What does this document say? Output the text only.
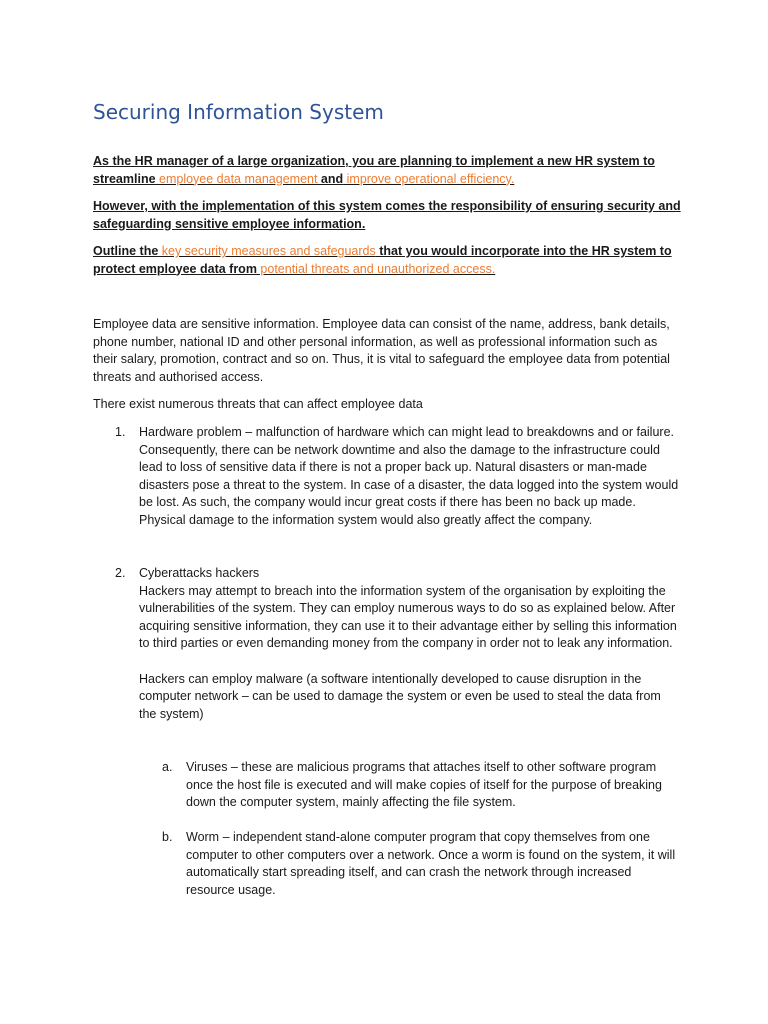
Securing Information System

As the HR manager of a large organization, you are planning to implement a new HR system to streamline employee data management and improve operational efficiency.

However, with the implementation of this system comes the responsibility of ensuring security and safeguarding sensitive employee information.

Outline the key security measures and safeguards that you would incorporate into the HR system to protect employee data from potential threats and unauthorized access.

Employee data are sensitive information. Employee data can consist of the name, address, bank details, phone number, national ID and other personal information, as well as professional information such as their salary, promotion, contract and so on. Thus, it is vital to safeguard the employee data from potential threats and authorised access.

There exist numerous threats that can affect employee data

1.	Hardware problem – malfunction of hardware which can might lead to breakdowns and or failure. Consequently, there can be network downtime and also the damage to the infrastructure could lead to loss of sensitive data if there is not a proper back up. Natural disasters or man-made disasters pose a threat to the system. In case of a disaster, the data logged into the system would be lost. As such, the company would incur great costs if there has been no back up made. Physical damage to the information system would also greatly affect the company.

2.	Cyberattacks hackers

Hackers may attempt to breach into the information system of the organisation by exploiting the vulnerabilities of the system. They can employ numerous ways to do so as explained below. After acquiring sensitive information, they can use it to their advantage either by selling this information to third parties or even demanding money from the company in order not to leak any information.

Hackers can employ malware (a software intentionally developed to cause disruption in the computer network – can be used to damage the system or even be used to steal the data from the system)

a.	Viruses – these are malicious programs that attaches itself to other software program once the host file is executed and will make copies of itself for the purpose of breaking down the computer system, mainly affecting the file system.
b.	Worm – independent stand-alone computer program that copy themselves from one computer to other computers over a network. Once a worm is found on the system, it will automatically start spreading itself, and can crash the network through increased resource usage.
